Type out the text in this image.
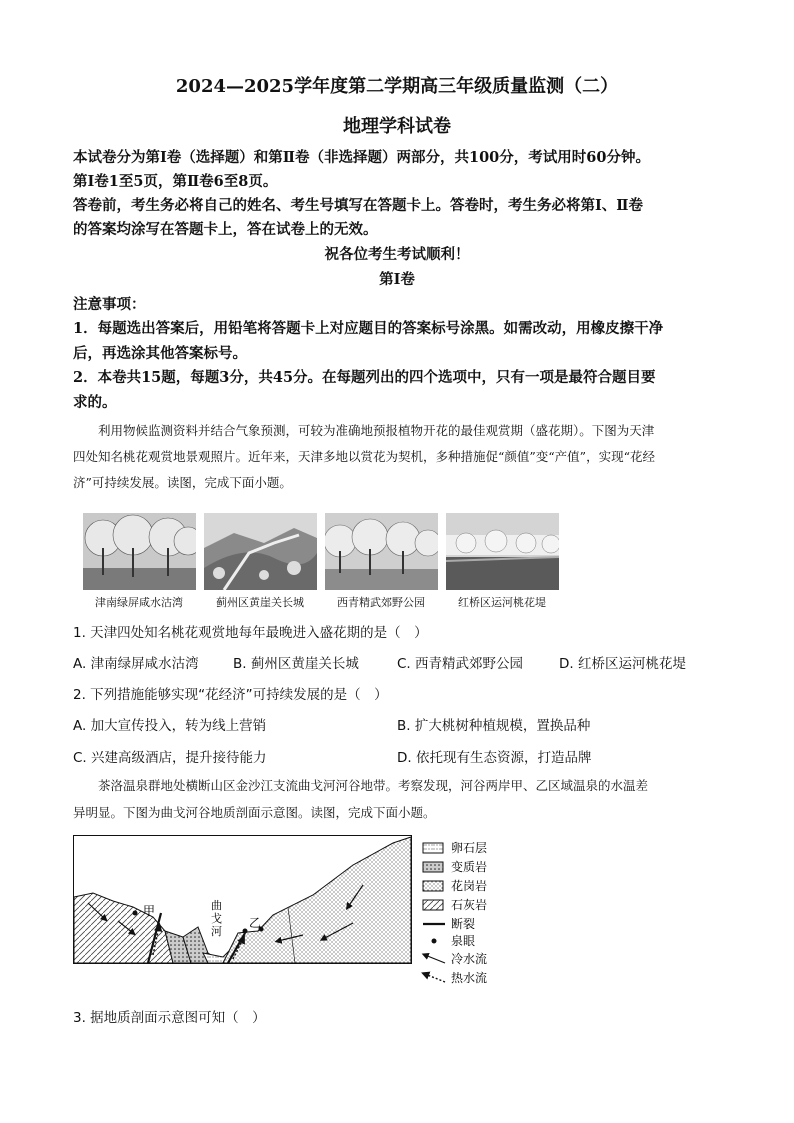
2024—2025学年度第二学期高三年级质量监测（二）
地理学科试卷
本试卷分为第Ⅰ卷（选择题）和第Ⅱ卷（非选择题）两部分，共100分，考试用时60分钟。
第Ⅰ卷1至5页，第Ⅱ卷6至8页。
答卷前，考生务必将自己的姓名、考生号填写在答题卡上。答卷时，考生务必将第Ⅰ、Ⅱ卷
的答案均涂写在答题卡上，答在试卷上的无效。
祝各位考生考试顺利！
第Ⅰ卷
注意事项：
1．每题选出答案后，用铅笔将答题卡上对应题目的答案标号涂黑。如需改动，用橡皮擦干净
后，再选涂其他答案标号。
2．本卷共15题，每题3分，共45分。在每题列出的四个选项中，只有一项是最符合题目要
求的。
利用物候监测资料并结合气象预测，可较为准确地预报植物开花的最佳观赏期（盛花期）。下图为天津
四处知名桃花观赏地景观照片。近年来，天津多地以赏花为契机，多种措施促“颜值”变“产值”，实现“花经
济”可持续发展。读图，完成下面小题。
津南绿屏咸水沽湾	蓟州区黄崖关长城	西青精武郊野公园	红桥区运河桃花堤
1. 天津四处知名桃花观赏地每年最晚进入盛花期的是（　）
A. 津南绿屏咸水沽湾	B. 蓟州区黄崖关长城	C. 西青精武郊野公园	D. 红桥区运河桃花堤
2. 下列措施能够实现“花经济”可持续发展的是（　）
A. 加大宣传投入，转为线上营销	B. 扩大桃树种植规模，置换品种
C. 兴建高级酒店，提升接待能力	D. 依托现有生态资源，打造品牌
茶洛温泉群地处横断山区金沙江支流曲戈河河谷地带。考察发现，河谷两岸甲、乙区域温泉的水温差
异明显。下图为曲戈河谷地质剖面示意图。读图，完成下面小题。
甲
乙
曲
戈
河
卵石层
变质岩
花岗岩
石灰岩
断裂
泉眼
冷水流
热水流
3. 据地质剖面示意图可知（　）
